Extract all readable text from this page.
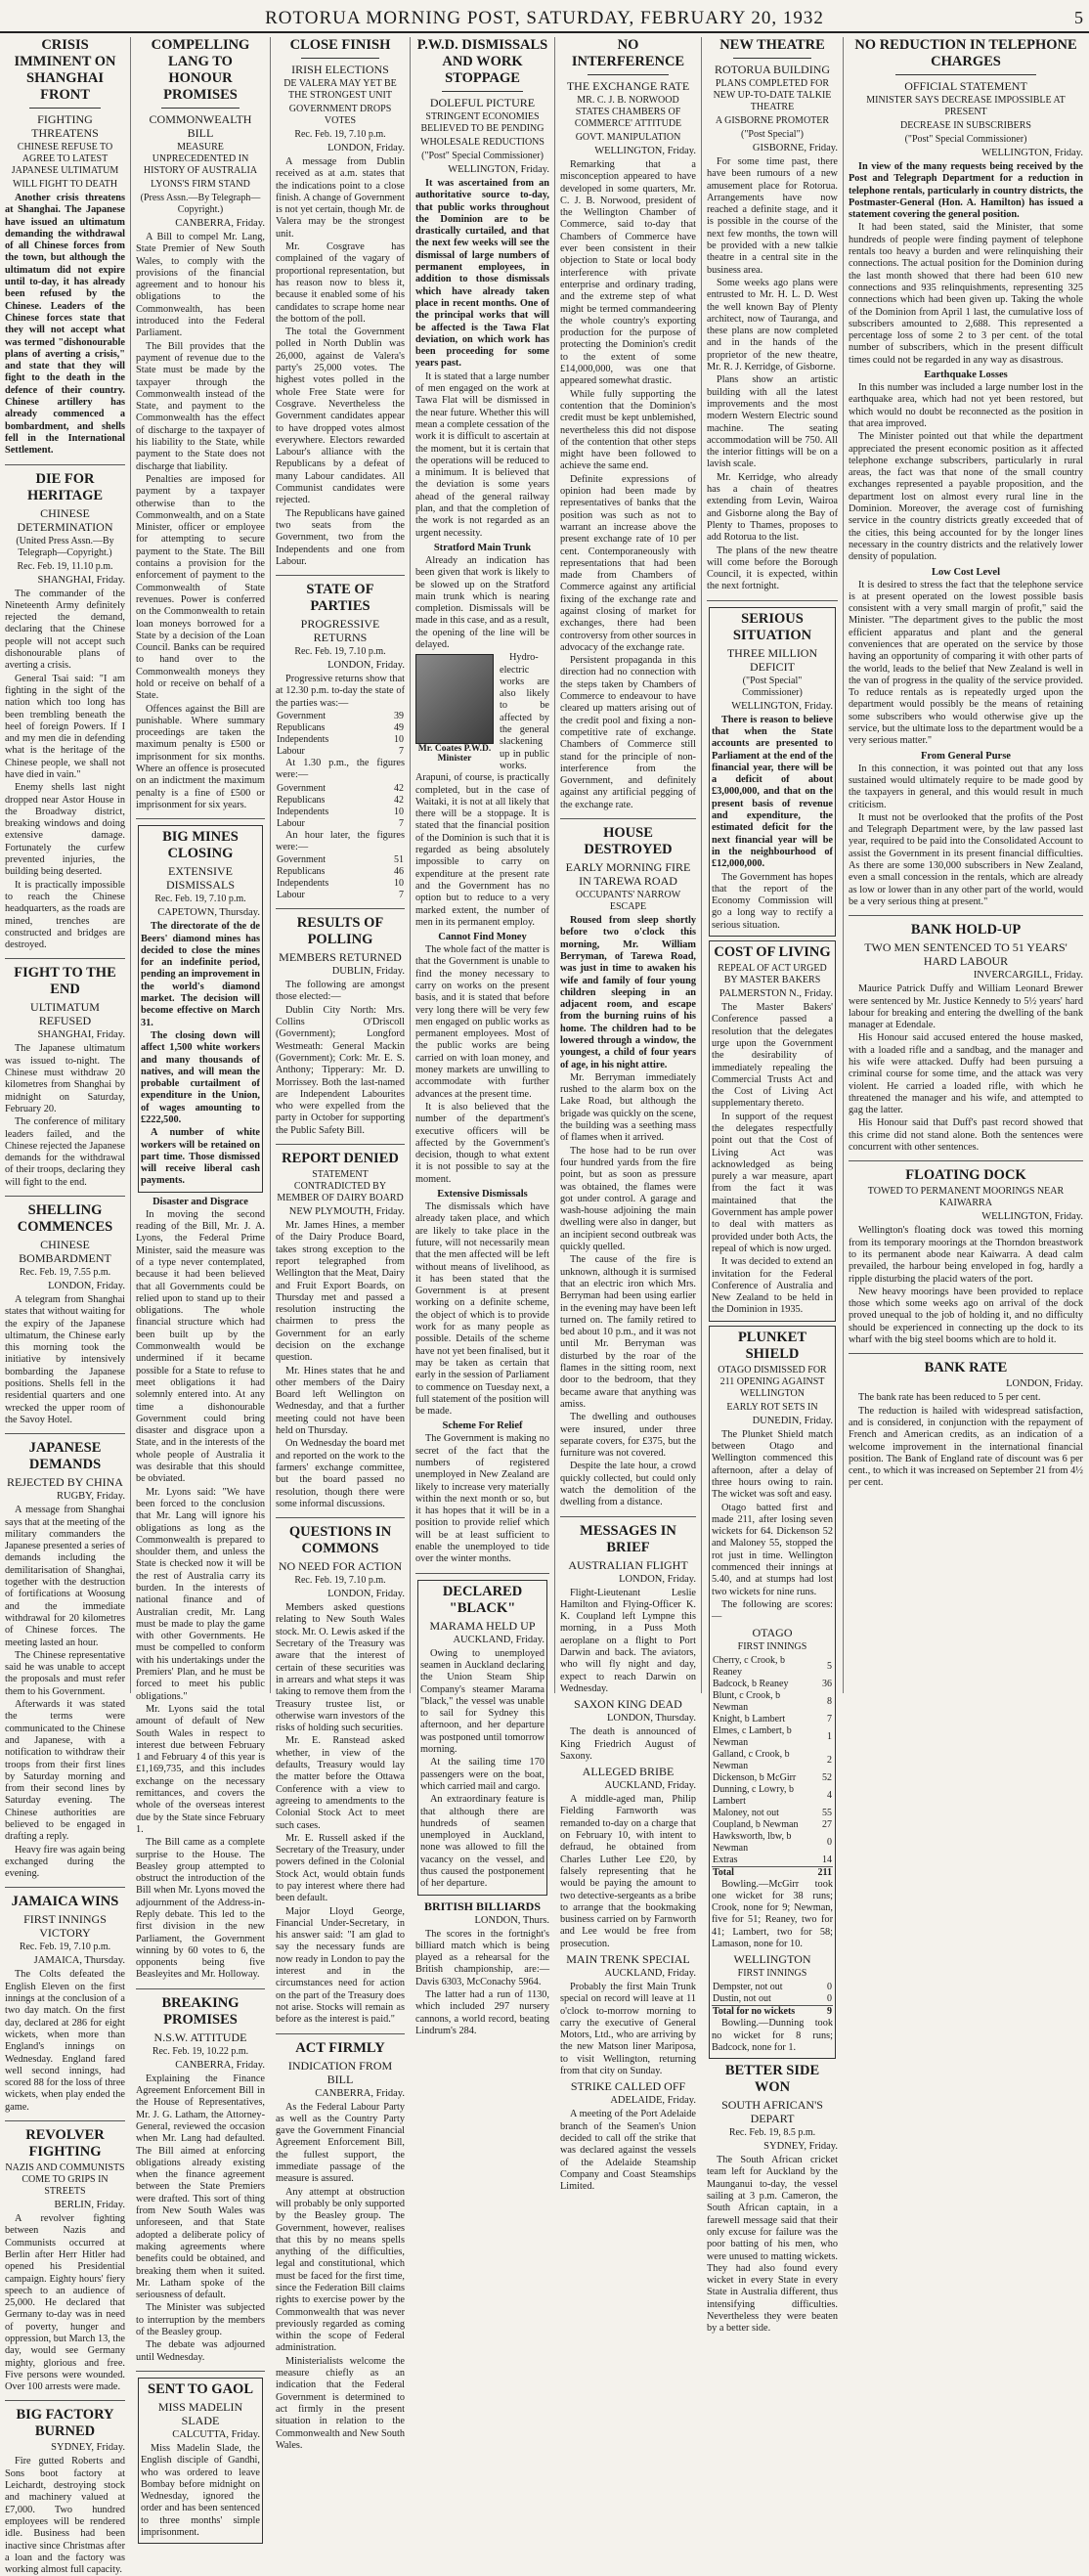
ROTORUA MORNING POST, SATURDAY, FEBRUARY 20, 1932	5
CRISIS IMMINENT ON SHANGHAI FRONT
FIGHTING THREATENS
CHINESE REFUSE TO AGREE TO LATEST JAPANESE ULTIMATUM
WILL FIGHT TO DEATH

Another crisis threatens at Shanghai. The Japanese have issued an ultimatum demanding the withdrawal of all Chinese forces from the town, but although the ultimatum did not expire until to-day, it has already been refused by the Chinese. Leaders of the Chinese forces state that they will not accept what was termed "dishonourable plans of averting a crisis," and state that they will fight to the death in the defence of their country. Chinese artillery has already commenced a bombardment, and shells fell in the International Settlement.

DIE FOR HERITAGE
CHINESE DETERMINATION
(United Press Assn.—By Telegraph—Copyright.)
Rec. Feb. 19, 11.10 p.m.
SHANGHAI, Friday.

The commander of the Nineteenth Army definitely rejected the demand, declaring that the Chinese people will not accept such dishonourable plans of averting a crisis.

General Tsai said: "I am fighting in the sight of the nation which too long has been trembling beneath the heel of foreign Powers. If I and my men die in defending what is the heritage of the Chinese people, we shall not have died in vain."

Enemy shells last night dropped near Astor House in the Broadway district, breaking windows and doing extensive damage. Fortunately the curfew prevented injuries, the building being deserted.

It is practically impossible to reach the Chinese headquarters, as the roads are mined, trenches are constructed and bridges are destroyed.

FIGHT TO THE END
ULTIMATUM REFUSED
SHANGHAI, Friday.

The Japanese ultimatum was issued to-night. The Chinese must withdraw 20 kilometres from Shanghai by midnight on Saturday, February 20.

The conference of military leaders failed, and the Chinese rejected the Japanese demands for the withdrawal of their troops, declaring they will fight to the end.

SHELLING COMMENCES
CHINESE BOMBARDMENT
Rec. Feb. 19, 7.55 p.m.
LONDON, Friday.

A telegram from Shanghai states that without waiting for the expiry of the Japanese ultimatum, the Chinese early this morning took the initiative by intensively bombarding the Japanese positions. Shells fell in the residential quarters and one wrecked the upper room of the Savoy Hotel.

JAPANESE DEMANDS
REJECTED BY CHINA
RUGBY, Friday.

A message from Shanghai says that at the meeting of the military commanders the Japanese presented a series of demands including the demilitarisation of Shanghai, together with the destruction of fortifications at Woosung and the immediate withdrawal for 20 kilometres of Chinese forces. The meeting lasted an hour.

The Chinese representative said he was unable to accept the proposals and must refer them to his Government.

Afterwards it was stated the terms were communicated to the Chinese and Japanese, with a notification to withdraw their troops from their first lines by Saturday morning and from their second lines by Saturday evening. The Chinese authorities are believed to be engaged in drafting a reply.

Heavy fire was again being exchanged during the evening.

JAMAICA WINS
FIRST INNINGS VICTORY
Rec. Feb. 19, 7.10 p.m.
JAMAICA, Thursday.

The Colts defeated the English Eleven on the first innings at the conclusion of a two day match. On the first day, declared at 286 for eight wickets, when more than England's innings on Wednesday. England fared well second innings, had scored 88 for the loss of three wickets, when play ended the game.

REVOLVER FIGHTING
NAZIS AND COMMUNISTS COME TO GRIPS IN STREETS
BERLIN, Friday.

A revolver fighting between Nazis and Communists occurred at Berlin after Herr Hitler had opened his Presidential campaign. Eighty hours' fiery speech to an audience of 25,000. He declared that Germany to-day was in need of poverty, hunger and oppression, but March 13, the day, would see Germany mighty, glorious and free. Five persons were wounded. Over 100 arrests were made.

BIG FACTORY BURNED
SYDNEY, Friday.

Fire gutted Roberts and Sons boot factory at Leichardt, destroying stock and machinery valued at £7,000. Two hundred employees will be rendered idle. Business had been inactive since Christmas after a loan and the factory was working almost full capacity.

COMPELLING LANG TO HONOUR PROMISES
COMMONWEALTH BILL
MEASURE UNPRECEDENTED IN HISTORY OF AUSTRALIA
LYONS'S FIRM STAND
(Press Assn.—By Telegraph—Copyright.)
CANBERRA, Friday.

A Bill to compel Mr. Lang, State Premier of New South Wales, to comply with the provisions of the financial agreement and to honour his obligations to the Commonwealth, has been introduced into the Federal Parliament.

The Bill provides that the payment of revenue due to the State must be made by the taxpayer through the Commonwealth instead of the State, and payment to the Commonwealth has the effect of discharge to the taxpayer of his liability to the State, while payment to the State does not discharge that liability.

Penalties are imposed for payment by a taxpayer otherwise than to the Commonwealth, and on a State Minister, officer or employee for attempting to secure payment to the State. The Bill contains a provision for the enforcement of payment to the Commonwealth of State revenues. Power is conferred on the Commonwealth to retain loan moneys borrowed for a State by a decision of the Loan Council. Banks can be required to hand over to the Commonwealth moneys they hold or receive on behalf of a State.

Offences against the Bill are punishable. Where summary proceedings are taken the maximum penalty is £500 or imprisonment for six months. Where an offence is prosecuted on an indictment the maximum penalty is a fine of £500 or imprisonment for six years.

BIG MINES CLOSING
EXTENSIVE DISMISSALS
Rec. Feb. 19, 7.10 p.m.
CAPETOWN, Thursday.

The directorate of the de Beers' diamond mines has decided to close the mines for an indefinite period, pending an improvement in the world's diamond market. The decision will become effective on March 31.

The closing down will affect 1,500 white workers and many thousands of natives, and will mean the probable curtailment of expenditure in the Union, of wages amounting to £222,500.

A number of white workers will be retained on part time. Those dismissed will receive liberal cash payments.

Disaster and Disgrace

In moving the second reading of the Bill, Mr. J. A. Lyons, the Federal Prime Minister, said the measure was of a type never contemplated, because it had been believed that all Governments could be relied upon to stand up to their obligations. The whole financial structure which had been built up by the Commonwealth would be undermined if it became possible for a State to refuse to meet obligations it had solemnly entered into. At any time a dishonourable Government could bring disaster and disgrace upon a State, and in the interests of the whole people of Australia it was desirable that this should be obviated.

Mr. Lyons said: "We have been forced to the conclusion that Mr. Lang will ignore his obligations as long as the Commonwealth is prepared to shoulder them, and unless the State is checked now it will be the rest of Australia carry its burden. In the interests of national finance and of Australian credit, Mr. Lang must be made to play the game with other Governments. He must be compelled to conform with his undertakings under the Premiers' Plan, and he must be forced to meet his public obligations."

Mr. Lyons said the total amount of default of New South Wales in respect to interest due between February 1 and February 4 of this year is £1,169,735, and this includes exchange on the necessary remittances, and covers the whole of the overseas interest due by the State since February 1.

The Bill came as a complete surprise to the House. The Beasley group attempted to obstruct the introduction of the Bill when Mr. Lyons moved the adjournment of the Address-in-Reply debate. This led to the first division in the new Parliament, the Government winning by 60 votes to 6, the opponents being five Beasleyites and Mr. Holloway.

BREAKING PROMISES
N.S.W. ATTITUDE
Rec. Feb. 19, 10.22 p.m.
CANBERRA, Friday.

Explaining the Finance Agreement Enforcement Bill in the House of Representatives, Mr. J. G. Latham, the Attorney-General, reviewed the occasion when Mr. Lang had defaulted. The Bill aimed at enforcing obligations already existing when the finance agreement between the State Premiers were drafted. This sort of thing from New South Wales was unforeseen, and that State adopted a deliberate policy of making agreements where benefits could be obtained, and breaking them when it suited. Mr. Latham spoke of the seriousness of default.

The Minister was subjected to interruption by the members of the Beasley group.

The debate was adjourned until Wednesday.

SENT TO GAOL
MISS MADELIN SLADE
CALCUTTA, Friday.

Miss Madelin Slade, the English disciple of Gandhi, who was ordered to leave Bombay before midnight on Wednesday, ignored the order and has been sentenced to three months' simple imprisonment.

CLOSE FINISH
IRISH ELECTIONS
DE VALERA MAY YET BE THE STRONGEST UNIT
GOVERNMENT DROPS VOTES
Rec. Feb. 19, 7.10 p.m.
LONDON, Friday.

A message from Dublin received as at a.m. states that the indications point to a close finish. A change of Government is not yet certain, though Mr. de Valera may be the strongest unit.

Mr. Cosgrave has complained of the vagary of proportional representation, but has reason now to bless it, because it enabled some of his candidates to scrape home near the bottom of the poll.

The total the Government polled in North Dublin was 26,000, against de Valera's party's 25,000 votes. The highest votes polled in the whole Free State were for Cosgrave. Nevertheless the Government candidates appear to have dropped votes almost everywhere. Electors rewarded Labour's alliance with the Republicans by a defeat of many Labour candidates. All Communist candidates were rejected.

The Republicans have gained two seats from the Government, two from the Independents and one from Labour.

STATE OF PARTIES
PROGRESSIVE RETURNS
Rec. Feb. 19, 7.10 p.m.
LONDON, Friday.

Progressive returns show that at 12.30 p.m. to-day the state of the parties was:—

Government	39
Republicans	49
Independents	10
Labour	7

At 1.30 p.m., the figures were:—

Government	42
Republicans	42
Independents	10
Labour	7

An hour later, the figures were:—

Government	51
Republicans	46
Independents	10
Labour	7
RESULTS OF POLLING
MEMBERS RETURNED
DUBLIN, Friday.

The following are amongst those elected:—

Dublin City North: Mrs. Collins O'Driscoll (Government); Longford Westmeath: General Mackin (Government); Cork: Mr. E. S. Anthony; Tipperary: Mr. D. Morrissey. Both the last-named are Independent Labourites who were expelled from the party in October for supporting the Public Safety Bill.

REPORT DENIED
STATEMENT CONTRADICTED BY MEMBER OF DAIRY BOARD
NEW PLYMOUTH, Friday.

Mr. James Hines, a member of the Dairy Produce Board, takes strong exception to the report telegraphed from Wellington that the Meat, Dairy and Fruit Export Boards, on Thursday met and passed a resolution instructing the chairmen to press the Government for an early decision on the exchange question.

Mr. Hines states that he and other members of the Dairy Board left Wellington on Wednesday, and that a further meeting could not have been held on Thursday.

On Wednesday the board met and reported on the work to the farmers' exchange committee, but the board passed no resolution, though there were some informal discussions.

QUESTIONS IN COMMONS
NO NEED FOR ACTION
Rec. Feb. 19, 7.10 p.m.
LONDON, Friday.

Members asked questions relating to New South Wales stock. Mr. O. Lewis asked if the Secretary of the Treasury was aware that the interest of certain of these securities was in arrears and what steps it was taking to remove them from the Treasury trustee list, or otherwise warn investors of the risks of holding such securities.

Mr. E. Ranstead asked whether, in view of the defaults, Treasury would lay the matter before the Ottawa Conference with a view to agreeing to amendments to the Colonial Stock Act to meet such cases.

Mr. E. Russell asked if the Secretary of the Treasury, under powers defined in the Colonial Stock Act, would obtain funds to pay interest where there had been default.

Major Lloyd George, Financial Under-Secretary, in his answer said: "I am glad to say the necessary funds are now ready in London to pay the interest and in the circumstances need for action on the part of the Treasury does not arise. Stocks will remain as before as the interest is paid."

ACT FIRMLY
INDICATION FROM BILL
CANBERRA, Friday.

As the Federal Labour Party as well as the Country Party gave the Government Financial Agreement Enforcement Bill, the fullest support, the immediate passage of the measure is assured.

Any attempt at obstruction will probably be only supported by the Beasley group. The Government, however, realises that this by no means spells anything of the difficulties, legal and constitutional, which must be faced for the first time, since the Federation Bill claims rights to exercise power by the Commonwealth that was never previously regarded as coming within the scope of Federal administration.

Ministerialists welcome the measure chiefly as an indication that the Federal Government is determined to act firmly in the present situation in relation to the Commonwealth and New South Wales.

P.W.D. DISMISSALS AND WORK STOPPAGE
DOLEFUL PICTURE
STRINGENT ECONOMIES BELIEVED TO BE PENDING
WHOLESALE REDUCTIONS
("Post" Special Commissioner)
WELLINGTON, Friday.

It was ascertained from an authoritative source to-day, that public works throughout the Dominion are to be drastically curtailed, and that the next few weeks will see the dismissal of large numbers of permanent employees, in addition to those dismissals which have already taken place in recent months. One of the principal works that will be affected is the Tawa Flat deviation, on which work has been proceeding for some years past.

It is stated that a large number of men engaged on the work at Tawa Flat will be dismissed in the near future. Whether this will mean a complete cessation of the work it is difficult to ascertain at the moment, but it is certain that the operations will be reduced to a minimum. It is believed that the deviation is some years ahead of the general railway plan, and that the completion of the work is not regarded as an urgent necessity.

Stratford Main Trunk

Already an indication has been given that work is likely to be slowed up on the Stratford main trunk which is nearing completion. Dismissals will be made in this case, and as a result, the opening of the line will be delayed.

Mr. Coates P.W.D. Minister

Hydro-electric works are also likely to be affected by the general slackening up in public works. Arapuni, of course, is practically completed, but in the case of Waitaki, it is not at all likely that there will be a stoppage. It is stated that the financial position of the Dominion is such that it is regarded as being absolutely impossible to carry on expenditure at the present rate and the Government has no option but to reduce to a very marked extent, the number of men in its permanent employ.

Cannot Find Money

The whole fact of the matter is that the Government is unable to find the money necessary to carry on works on the present basis, and it is stated that before very long there will be very few men engaged on public works as permanent employees. Most of the public works are being carried on with loan money, and money markets are unwilling to accommodate with further advances at the present time.

It is also believed that the number of the department's executive officers will be affected by the Government's decision, though to what extent it is not possible to say at the moment.

Extensive Dismissals

The dismissals which have already taken place, and which are likely to take place in the future, will not necessarily mean that the men affected will be left without means of livelihood, as it has been stated that the Government is at present working on a definite scheme, the object of which is to provide work for as many people as possible. Details of the scheme have not yet been finalised, but it may be taken as certain that early in the session of Parliament to commence on Tuesday next, a full statement of the position will be made.

Scheme For Relief

The Government is making no secret of the fact that the numbers of registered unemployed in New Zealand are likely to increase very materially within the next month or so, but it has hopes that it will be in a position to provide relief which will be at least sufficient to enable the unemployed to tide over the winter months.

DECLARED "BLACK"
MARAMA HELD UP
AUCKLAND, Friday.

Owing to unemployed seamen in Auckland declaring the Union Steam Ship Company's steamer Marama "black," the vessel was unable to sail for Sydney this afternoon, and her departure was postponed until tomorrow morning.

At the sailing time 170 passengers were on the boat, which carried mail and cargo.

An extraordinary feature is that although there are hundreds of seamen unemployed in Auckland, none was allowed to fill the vacancy on the vessel, and thus caused the postponement of her departure.

BRITISH BILLIARDS
LONDON, Thurs.

The scores in the fortnight's billiard match which is being played as a rehearsal for the British championship, are:—Davis 6303, McConachy 5964.

The latter had a run of 1130, which included 297 nursery cannons, a world record, beating Lindrum's 284.

NO INTERFERENCE
THE EXCHANGE RATE
MR. C. J. B. NORWOOD STATES CHAMBERS OF COMMERCE' ATTITUDE
GOVT. MANIPULATION
WELLINGTON, Friday.

Remarking that a misconception appeared to have developed in some quarters, Mr. C. J. B. Norwood, president of the Wellington Chamber of Commerce, said to-day that Chambers of Commerce have ever been consistent in their objection to State or local body interference with private enterprise and ordinary trading, and the extreme step of what might be termed commandeering the whole country's exporting production for the purpose of protecting the Dominion's credit to the extent of some £14,000,000, was one that appeared somewhat drastic.

While fully supporting the contention that the Dominion's credit must be kept unblemished, nevertheless this did not dispose of the contention that other steps might have been followed to achieve the same end.

Definite expressions of opinion had been made by representatives of banks that the position was such as not to warrant an increase above the present exchange rate of 10 per cent. Contemporaneously with representations that had been made from Chambers of Commerce against any artificial fixing of the exchange rate and against closing of market for exchanges, there had been controversy from other sources in advocacy of the exchange rate.

Persistent propaganda in this direction had no connection with the steps taken by Chambers of Commerce to endeavour to have cleared up matters arising out of the credit pool and fixing a non-competitive rate of exchange. Chambers of Commerce still stand for the principle of non-interference from the Government, and definitely against any artificial pegging of the exchange rate.

HOUSE DESTROYED
EARLY MORNING FIRE IN TAREWA ROAD
OCCUPANTS' NARROW ESCAPE

Roused from sleep shortly before two o'clock this morning, Mr. William Berryman, of Tarewa Road, was just in time to awaken his wife and family of four young children sleeping in an adjacent room, and escape from the burning ruins of his home. The children had to be lowered through a window, the youngest, a child of four years of age, in his night attire.

Mr. Berryman immediately rushed to the alarm box on the Lake Road, but although the brigade was quickly on the scene, the building was a seething mass of flames when it arrived.

The hose had to be run over four hundred yards from the fire point, but as soon as pressure was obtained, the flames were got under control. A garage and wash-house adjoining the main dwelling were also in danger, but an incipient second outbreak was quickly quelled.

The cause of the fire is unknown, although it is surmised that an electric iron which Mrs. Berryman had been using earlier in the evening may have been left turned on. The family retired to bed about 10 p.m., and it was not until Mr. Berryman was disturbed by the roar of the flames in the sitting room, next door to the bedroom, that they became aware that anything was amiss.

The dwelling and outhouses were insured, under three separate covers, for £375, but the furniture was not covered.

Despite the late hour, a crowd quickly collected, but could only watch the demolition of the dwelling from a distance.

MESSAGES IN BRIEF
AUSTRALIAN FLIGHT
LONDON, Friday.

Flight-Lieutenant Leslie Hamilton and Flying-Officer K. K. Coupland left Lympne this morning, in a Puss Moth aeroplane on a flight to Port Darwin and back. The aviators, who will fly night and day, expect to reach Darwin on Wednesday.

SAXON KING DEAD
LONDON, Thursday.

The death is announced of King Friedrich August of Saxony.

ALLEGED BRIBE
AUCKLAND, Friday.

A middle-aged man, Philip Fielding Farnworth was remanded to-day on a charge that on February 10, with intent to defraud, he obtained from Charles Luther Lee £20, by falsely representing that he would be paying the amount to two detective-sergeants as a bribe to arrange that the bookmaking business carried on by Farnworth and Lee would be free from prosecution.

MAIN TRENK SPECIAL
AUCKLAND, Friday.

Probably the first Main Trunk special on record will leave at 11 o'clock to-morrow morning to carry the executive of General Motors, Ltd., who are arriving by the new Matson liner Mariposa, to visit Wellington, returning from that city on Sunday.

STRIKE CALLED OFF
ADELAIDE, Friday.

A meeting of the Port Adelaide branch of the Seamen's Union decided to call off the strike that was declared against the vessels of the Adelaide Steamship Company and Coast Steamships Limited.

NEW THEATRE
ROTORUA BUILDING
PLANS COMPLETED FOR NEW UP-TO-DATE TALKIE THEATRE
A GISBORNE PROMOTER
("Post Special")
GISBORNE, Friday.

For some time past, there have been rumours of a new amusement place for Rotorua. Arrangements have now reached a definite stage, and it is possible in the course of the next few months, the town will be provided with a new talkie theatre in a central site in the business area.

Some weeks ago plans were entrusted to Mr. H. L. D. West the well known Bay of Plenty architect, now of Tauranga, and these plans are now completed and in the hands of the proprietor of the new theatre, Mr. R. J. Kerridge, of Gisborne.

Plans show an artistic building with all the latest improvements and the most modern Western Electric sound machine. The seating accommodation will be 750. All the interior fittings will be on a lavish scale.

Mr. Kerridge, who already has a chain of theatres extending from Levin, Wairoa and Gisborne along the Bay of Plenty to Thames, proposes to add Rotorua to the list.

The plans of the new theatre will come before the Borough Council, it is expected, within the next fortnight.

SERIOUS SITUATION
THREE MILLION DEFICIT
("Post Special" Commissioner)
WELLINGTON, Friday.

There is reason to believe that when the State accounts are presented to Parliament at the end of the financial year, there will be a deficit of about £3,000,000, and that on the present basis of revenue and expenditure, the estimated deficit for the next financial year will be in the neighbourhood of £12,000,000.

The Government has hopes that the report of the Economy Commission will go a long way to rectify a serious situation.

COST OF LIVING
REPEAL OF ACT URGED BY MASTER BAKERS
PALMERSTON N., Friday.

The Master Bakers' Conference passed a resolution that the delegates urge upon the Government the desirability of immediately repealing the Commercial Trusts Act and the Cost of Living Act supplementary thereto.

In support of the request the delegates respectfully point out that the Cost of Living Act was acknowledged as being purely a war measure, apart from the fact it was maintained that the Government has ample power to deal with matters as provided under both Acts, the repeal of which is now urged.

It was decided to extend an invitation for the Federal Conference of Australia and New Zealand to be held in the Dominion in 1935.

PLUNKET SHIELD
OTAGO DISMISSED FOR 211 OPENING AGAINST WELLINGTON
EARLY ROT SETS IN
DUNEDIN, Friday.

The Plunket Shield match between Otago and Wellington commenced this afternoon, after a delay of three hours owing to rain. The wicket was soft and easy.

Otago batted first and made 211, after losing seven wickets for 64. Dickenson 52 and Maloney 55, stopped the rot just in time. Wellington commenced their innings at 5.40, and at stumps had lost two wickets for nine runs.

The following are scores:—

OTAGO
FIRST INNINGS
Cherry, c Crook, b Reaney	5
Badcock, b Reaney	36
Blunt, c Crook, b Newman	8
Knight, b Lambert	7
Elmes, c Lambert, b Newman	1
Galland, c Crook, b Newman	2
Dickenson, b McGirr	52
Dunning, c Lowry, b Lambert	4
Maloney, not out	55
Coupland, b Newman	27
Hawksworth, lbw, b Newman	0
Extras	14
Total	211

Bowling.—McGirr took one wicket for 38 runs; Crook, none for 9; Newman, five for 51; Reaney, two for 41; Lambert, two for 58; Lamason, none for 10.

WELLINGTON
FIRST INNINGS
Dempster, not out	0
Dustin, not out	0
Total for no wickets	9

Bowling.—Dunning took no wicket for 8 runs; Badcock, none for 1.

BETTER SIDE WON
SOUTH AFRICAN'S DEPART
Rec. Feb. 19, 8.5 p.m.
SYDNEY, Friday.

The South African cricket team left for Auckland by the Maunganui to-day, the vessel sailing at 3 p.m. Cameron, the South African captain, in a farewell message said that their only excuse for failure was the poor batting of his men, who were unused to matting wickets. They had also found every wicket in every State in every State in Australia different, thus intensifying difficulties. Nevertheless they were beaten by a better side.

NO REDUCTION IN TELEPHONE CHARGES
OFFICIAL STATEMENT
MINISTER SAYS DECREASE IMPOSSIBLE AT PRESENT
DECREASE IN SUBSCRIBERS
("Post" Special Commissioner)
WELLINGTON, Friday.

In view of the many requests being received by the Post and Telegraph Department for a reduction in telephone rentals, particularly in country districts, the Postmaster-General (Hon. A. Hamilton) has issued a statement covering the general position.

It had been stated, said the Minister, that some hundreds of people were finding payment of telephone rentals too heavy a burden and were relinquishing their connections. The actual position for the Dominion during the last month showed that there had been 610 new connections and 935 relinquishments, representing 325 connections which had been given up. Taking the whole of the Dominion from April 1 last, the cumulative loss of subscribers amounted to 2,688. This represented a percentage loss of some 2 to 3 per cent. of the total number of subscribers, which in the present difficult times could not be regarded in any way as disastrous.

Earthquake Losses

In this number was included a large number lost in the earthquake area, which had not yet been restored, but which would no doubt be reconnected as the position in that area improved.

The Minister pointed out that while the department appreciated the present economic position as it affected telephone exchange subscribers, particularly in rural areas, the fact was that none of the small country exchanges represented a payable proposition, and the department lost on almost every rural line in the Dominion. Moreover, the average cost of furnishing service in the country districts greatly exceeded that of the cities, this being accounted for by the longer lines necessary in the country districts and the relatively lower density of population.

Low Cost Level

It is desired to stress the fact that the telephone service is at present operated on the lowest possible basis consistent with a very small margin of profit," said the Minister. "The department gives to the public the most efficient apparatus and plant and the general conveniences that are operated on the service by those having an opportunity of comparing it with other parts of the world, leads to the belief that New Zealand is well in the van of progress in the quality of the service provided. To reduce rentals as is repeatedly urged upon the department would possibly be the means of retaining some subscribers who would otherwise give up the service, but the ultimate loss to the department would be a very serious matter."

From General Purse

In this connection, it was pointed out that any loss sustained would ultimately require to be made good by the taxpayers in general, and this would result in much criticism.

It must not be overlooked that the profits of the Post and Telegraph Department were, by the law passed last year, required to be paid into the Consolidated Account to assist the Government in its present financial difficulties. As there are some 130,000 subscribers in New Zealand, even a small concession in the rentals, which are already as low or lower than in any other part of the world, would be a very serious thing at present."

BANK HOLD-UP
TWO MEN SENTENCED TO 51 YEARS' HARD LABOUR
INVERCARGILL, Friday.

Maurice Patrick Duffy and William Leonard Brewer were sentenced by Mr. Justice Kennedy to 5½ years' hard labour for breaking and entering the dwelling of the bank manager at Edendale.

His Honour said accused entered the house masked, with a loaded rifle and a sandbag, and the manager and his wife were attacked. Duffy had been pursuing a criminal course for some time, and the attack was very violent. He carried a loaded rifle, with which he threatened the manager and his wife, and attempted to gag the latter.

His Honour said that Duff's past record showed that this crime did not stand alone. Both the sentences were concurrent with other sentences.

FLOATING DOCK
TOWED TO PERMANENT MOORINGS NEAR KAIWARRA
WELLINGTON, Friday.

Wellington's floating dock was towed this morning from its temporary moorings at the Thorndon breastwork to its permanent abode near Kaiwarra. A dead calm prevailed, the harbour being enveloped in fog, hardly a ripple disturbing the placid waters of the port.

New heavy moorings have been provided to replace those which some weeks ago on arrival of the dock proved unequal to the job of holding it, and no difficulty should be experienced in connecting up the dock to its wharf with the big steel booms which are to hold it.

BANK RATE
LONDON, Friday.

The bank rate has been reduced to 5 per cent.

The reduction is hailed with widespread satisfaction, and is considered, in conjunction with the repayment of French and American credits, as an indication of a welcome improvement in the international financial position. The Bank of England rate of discount was 6 per cent., to which it was increased on September 21 from 4½ per cent.
